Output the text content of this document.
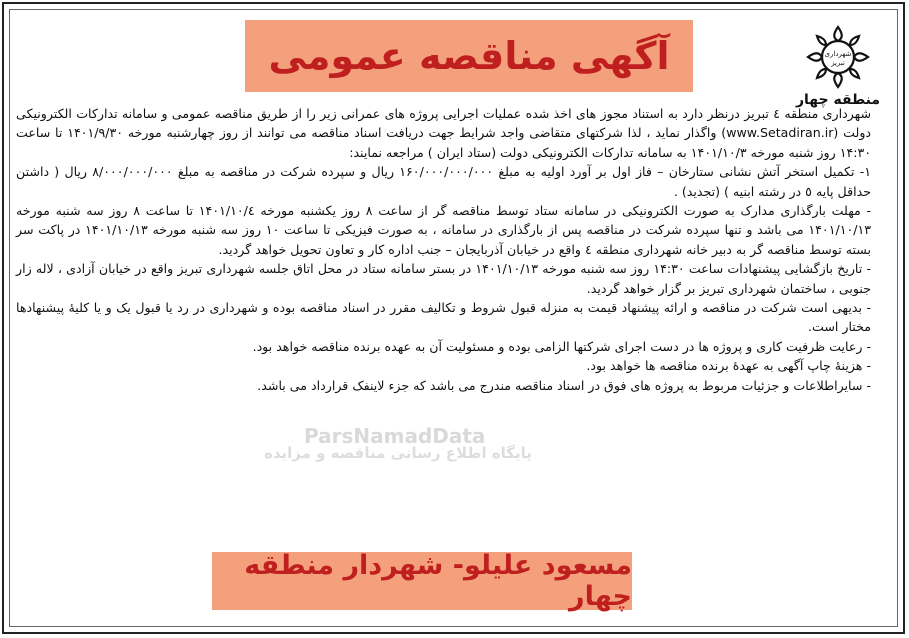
آگهی مناقصه عمومی	شهرداری
تبریز
منطقه چهار
ParsNamadData
پایگاه اطلاع رسانی مناقصه و مزایده

شهرداری منطقه ٤ تبریز درنظر دارد به استناد مجوز های اخذ شده عملیات اجرایی پروژه های عمرانی زیر را از طریق مناقصه عمومی و سامانه تدارکات الکترونیکی دولت (www.Setadiran.ir) واگذار نماید ، لذا شرکتهای متقاضی واجد شرایط جهت دریافت اسناد مناقصه می توانند از روز چهارشنبه مورخه ۱۴۰۱/۹/۳۰ تا ساعت ۱۴:۳۰ روز شنبه مورخه ۱۴۰۱/۱۰/۳ به سامانه تدارکات الکترونیکی دولت (ستاد ایران ) مراجعه نمایند:

۱- تکمیل استخر آتش نشانی ستارخان – فاز اول بر آورد اولیه به مبلغ ۱۶۰/۰۰۰/۰۰۰/۰۰۰ ریال و سپرده شرکت در مناقصه به مبلغ ۸/۰۰۰/۰۰۰/۰۰۰ ریال ( داشتن حداقل پایه ٥ در رشته ابنیه ) (تجدید) .

- مهلت بارگذاری مدارک به صورت الکترونیکی در سامانه ستاد توسط مناقصه گر از ساعت ۸ روز یکشنبه مورخه ۱۴۰۱/۱۰/٤ تا ساعت ۸ روز سه شنبه مورخه ۱۴۰۱/۱۰/۱۳ می باشد و تنها سپرده شرکت در مناقصه پس از بارگذاری در سامانه ، به صورت فیزیکی تا ساعت ۱۰ روز سه شنبه مورخه ۱۴۰۱/۱۰/۱۳ در پاکت سر بسته توسط مناقصه گر به دبیر خانه شهرداری منطقه ٤ واقع در خیابان آذربایجان – جنب اداره کار و تعاون تحویل خواهد گردید.

- تاریخ بازگشایی پیشنهادات ساعت ۱۴:۳۰ روز سه شنبه مورخه ۱۴۰۱/۱۰/۱۳ در بستر سامانه ستاد در محل اتاق جلسه شهرداری تبریز واقع در خیابان آزادی ، لاله زار جنوبی ، ساختمان شهرداری تبریز بر گزار خواهد گردید.

- بدیهی است شرکت در مناقصه و ارائه پیشنهاد قیمت به منزله قبول شروط و تکالیف مقرر در اسناد مناقصه بوده و شهرداری در رد یا قبول یک و یا کلیهٔ پیشنهادها مختار است.

- رعایت ظرفیت کاری و پروژه ها در دست اجرای شرکتها الزامی بوده و مسئولیت آن به عهده برنده مناقصه خواهد بود.

- هزینهٔ چاپ آگهی به عهدهٔ برنده مناقصه ها خواهد بود.

- سایراطلاعات و جزئیات مربوط به پروژه های فوق در اسناد مناقصه مندرج می باشد که جزء لاینفک قرارداد می باشد.

مسعود علیلو- شهردار منطقه چهار
